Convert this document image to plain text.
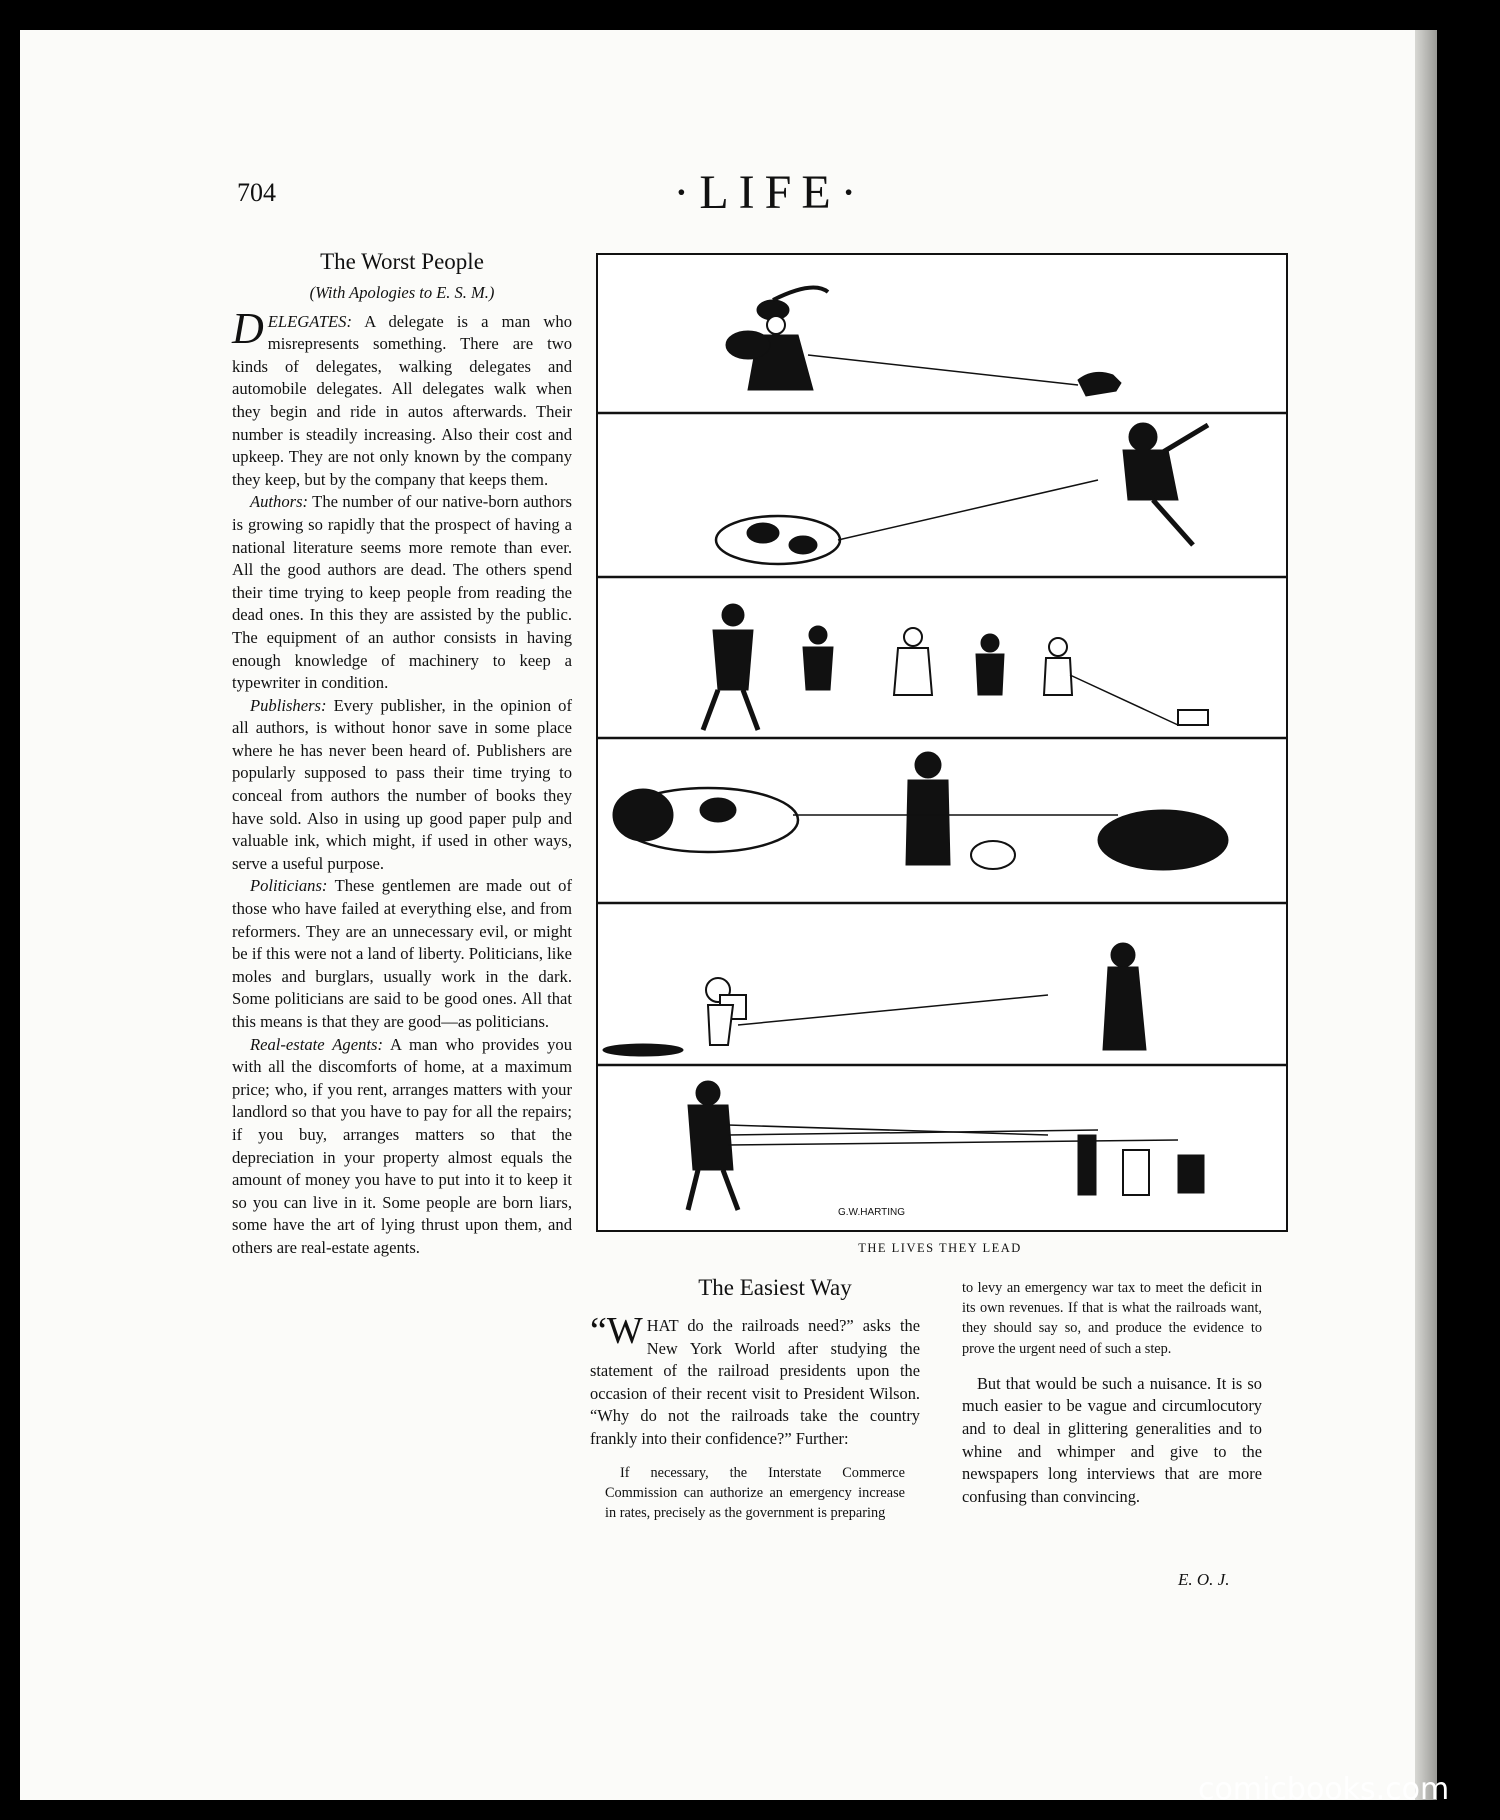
704	·LIFE·
The Worst People
(With Apologies to E. S. M.)

DELEGATES: A delegate is a man who misrepresents something. There are two kinds of delegates, walking delegates and automobile delegates. All delegates walk when they begin and ride in autos afterwards. Their number is steadily increasing. Also their cost and upkeep. They are not only known by the company they keep, but by the company that keeps them.

Authors: The number of our native-born authors is growing so rapidly that the prospect of having a national literature seems more remote than ever. All the good authors are dead. The others spend their time trying to keep people from reading the dead ones. In this they are assisted by the public. The equipment of an author consists in having enough knowledge of machinery to keep a typewriter in condition.

Publishers: Every publisher, in the opinion of all authors, is without honor save in some place where he has never been heard of. Publishers are popularly supposed to pass their time trying to conceal from authors the number of books they have sold. Also in using up good paper pulp and valuable ink, which might, if used in other ways, serve a useful purpose.

Politicians: These gentlemen are made out of those who have failed at everything else, and from reformers. They are an unnecessary evil, or might be if this were not a land of liberty. Politicians, like moles and burglars, usually work in the dark. Some politicians are said to be good ones. All that this means is that they are good—as politicians.

Real-estate Agents: A man who provides you with all the discomforts of home, at a maximum price; who, if you rent, arranges matters with your landlord so that you have to pay for all the repairs; if you buy, arranges matters so that the depreciation in your property almost equals the amount of money you have to put into it to keep it so you can live in it. Some people are born liars, some have the art of lying thrust upon them, and others are real-estate agents.

G.W.HARTING
THE LIVES THEY LEAD
The Easiest Way

“WHAT do the railroads need?” asks the New York World after studying the statement of the railroad presidents upon the occasion of their recent visit to President Wilson. “Why do not the railroads take the country frankly into their confidence?” Further:

If necessary, the Interstate Commerce Commission can authorize an emergency increase in rates, precisely as the government is preparing

to levy an emergency war tax to meet the deficit in its own revenues. If that is what the railroads want, they should say so, and produce the evidence to prove the urgent need of such a step.

But that would be such a nuisance. It is so much easier to be vague and circumlocutory and to deal in glittering generalities and to whine and whimper and give to the newspapers long interviews that are more confusing than convincing.

E. O. J.
comicbooks.com
